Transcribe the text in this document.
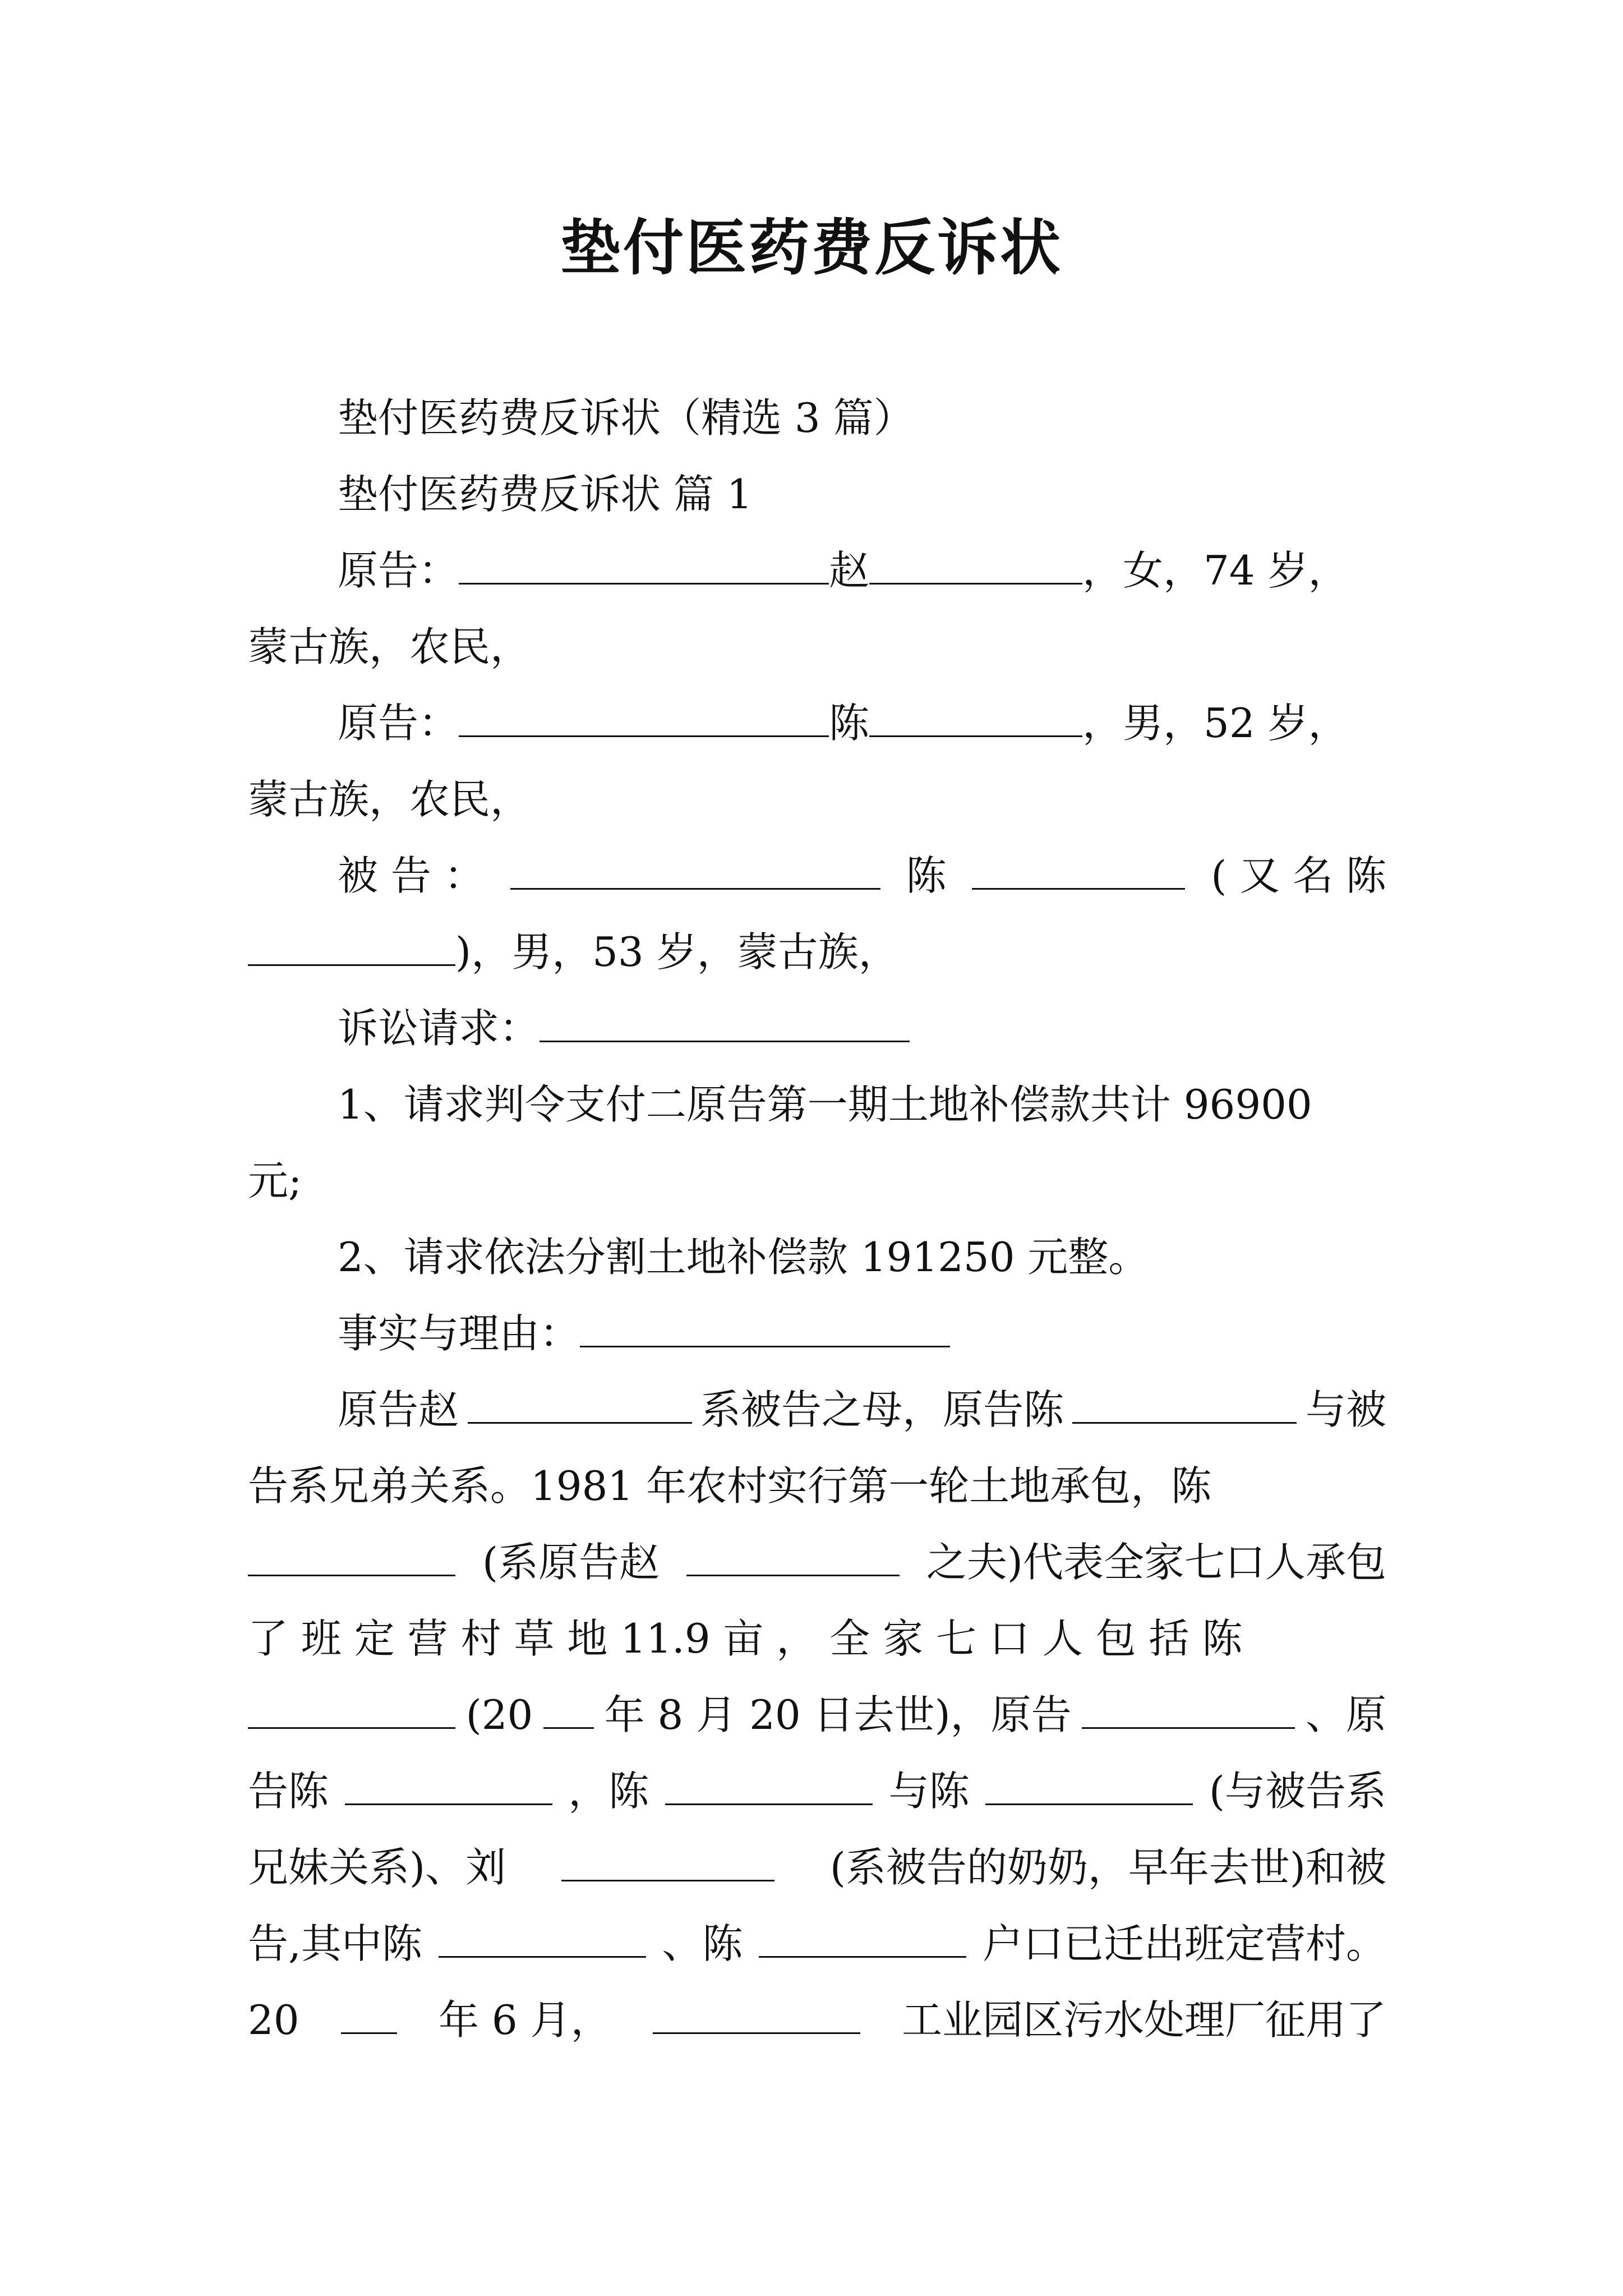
垫付医药费反诉状
垫付医药费反诉状（精选 3 篇）
垫付医药费反诉状 篇 1
原告：	赵	，女，74 岁，
蒙古族，农民，
原告：	陈	，男，52 岁，
蒙古族，农民，
被 告 ：	陈	( 又 名 陈
)，男，53 岁，蒙古族，
诉讼请求：
1、请求判令支付二原告第一期土地补偿款共计 96900
元;
2、请求依法分割土地补偿款 191250 元整。
事实与理由：
原告赵	系被告之母，原告陈	与被
告系兄弟关系。1981 年农村实行第一轮土地承包，陈
(系原告赵	之夫)代表全家七口人承包
了 班 定 营 村 草 地 11.9 亩 ， 全 家 七 口 人 包 括 陈
(20 年 8 月 20 日去世)，原告	、原
告陈	，陈	与陈	(与被告系
兄妹关系)、刘	(系被告的奶奶，早年去世)和被
告,其中陈	、陈	户口已迁出班定营村。
20	年 6 月，	工业园区污水处理厂征用了
